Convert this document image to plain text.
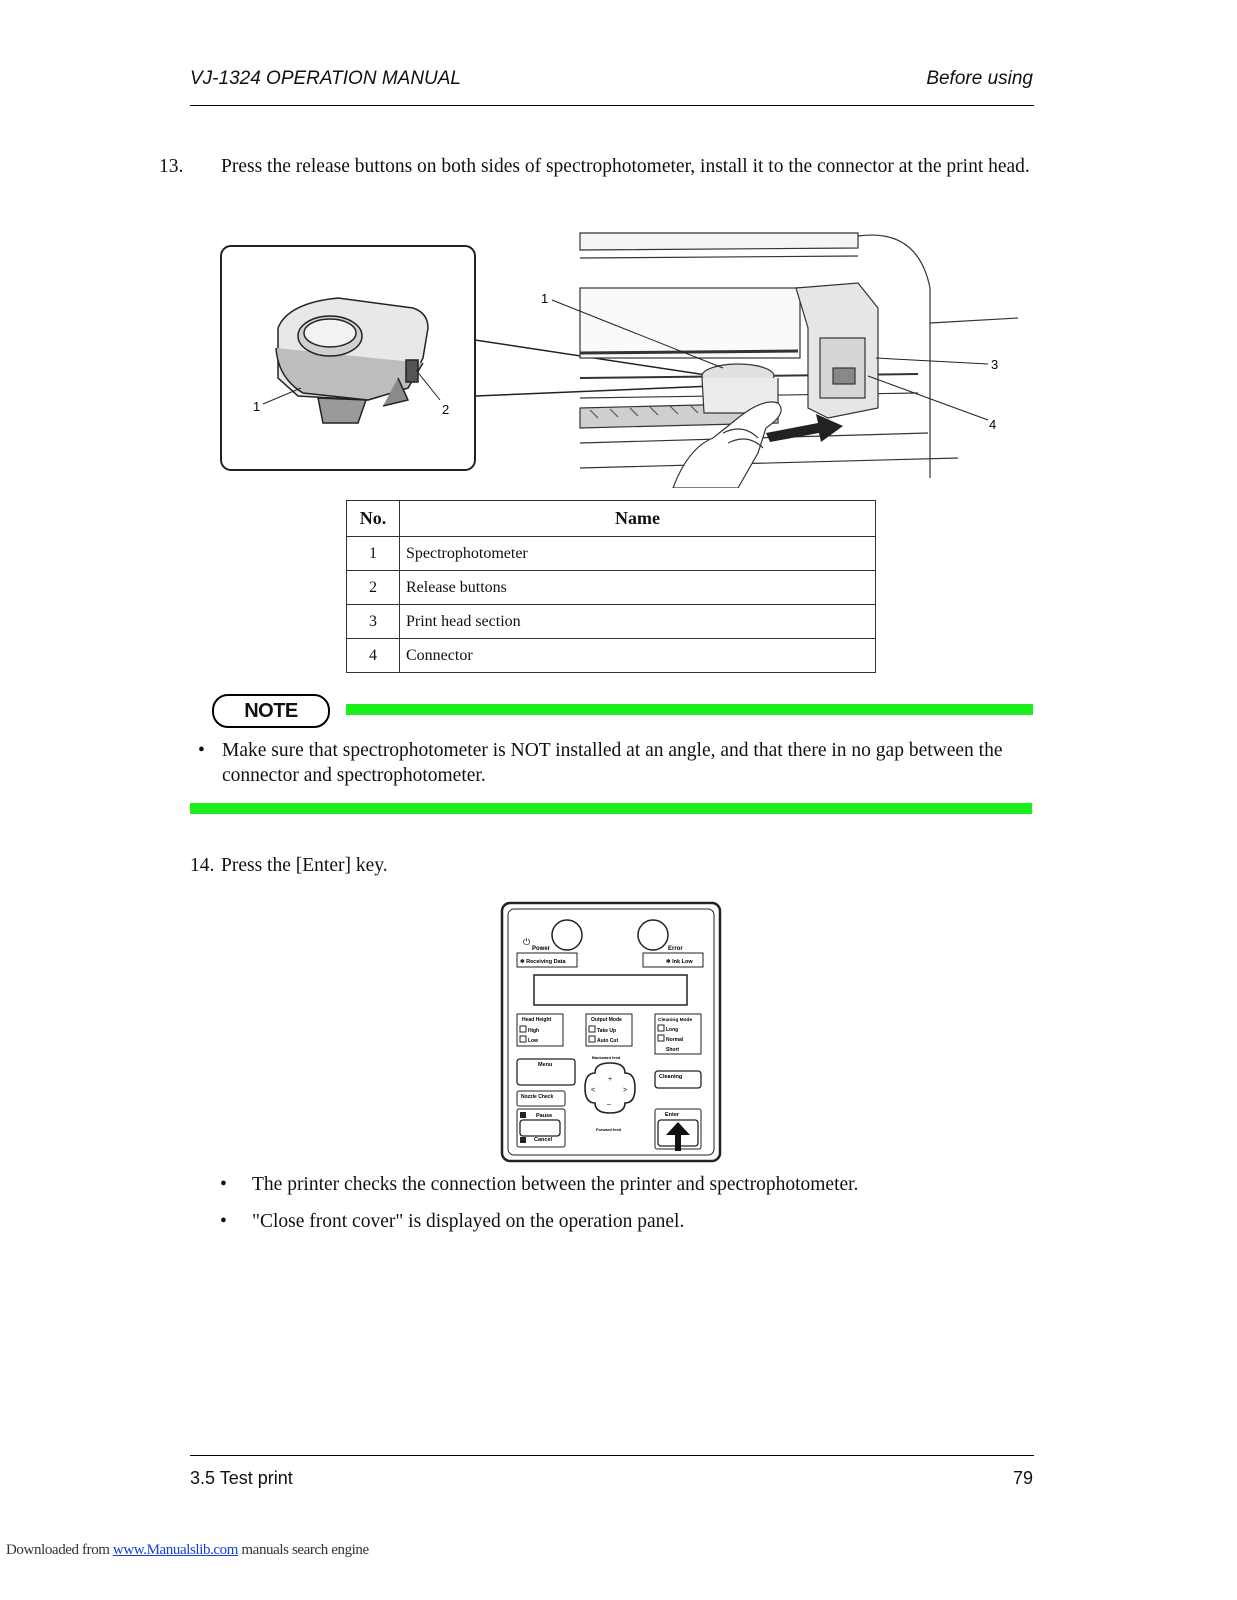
VJ-1324 OPERATION MANUAL	Before using
13. Press the release buttons on both sides of spectrophotometer, install it to the connector at the print head.
1	2
1
3
4
No.	Name
1	Spectrophotometer
2	Release buttons
3	Print head section
4	Connector
NOTE
• Make sure that spectrophotometer is NOT installed at an angle, and that there in no gap between the connector and spectrophotometer.
14. Press the [Enter] key.
⏻
Power	Error
✻ Receiving Data	✻ Ink Low
Head Height
High
Low
Output Mode
Take Up
Auto Cut
Cleaning Mode
Long
Normal
Short
Menu
Backward feed
+
–
<	>
Forward feed
Cleaning
Nozzle Check
Pause
Cancel
Enter
•	The printer checks the connection between the printer and spectrophotometer.
•	"Close front cover" is displayed on the operation panel.
3.5 Test print	79
Downloaded from www.Manualslib.com manuals search engine
